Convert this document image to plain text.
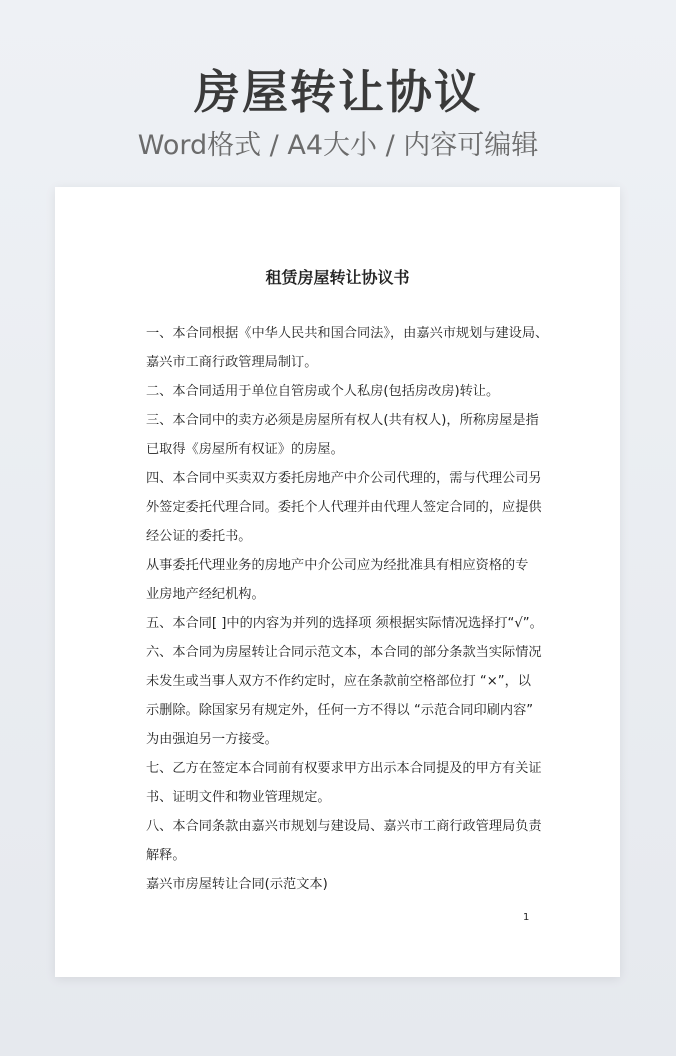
房屋转让协议
Word格式 / A4大小 / 内容可编辑
租赁房屋转让协议书
一、本合同根据《中华人民共和国合同法》，由嘉兴市规划与建设局、
嘉兴市工商行政管理局制订。
二、本合同适用于单位自管房或个人私房(包括房改房)转让。
三、本合同中的卖方必须是房屋所有权人(共有权人)，所称房屋是指
已取得《房屋所有权证》的房屋。
四、本合同中买卖双方委托房地产中介公司代理的，需与代理公司另
外签定委托代理合同。委托个人代理并由代理人签定合同的，应提供
经公证的委托书。
从事委托代理业务的房地产中介公司应为经批准具有相应资格的专
业房地产经纪机构。
五、本合同[ ]中的内容为并列的选择项 须根据实际情况选择打“√”。
六、本合同为房屋转让合同示范文本，本合同的部分条款当实际情况
未发生或当事人双方不作约定时，应在条款前空格部位打 “×”，以
示删除。除国家另有规定外，任何一方不得以 “示范合同印刷内容”
为由强迫另一方接受。
七、乙方在签定本合同前有权要求甲方出示本合同提及的甲方有关证
书、证明文件和物业管理规定。
八、本合同条款由嘉兴市规划与建设局、嘉兴市工商行政管理局负责
解释。
嘉兴市房屋转让合同(示范文本)
1
